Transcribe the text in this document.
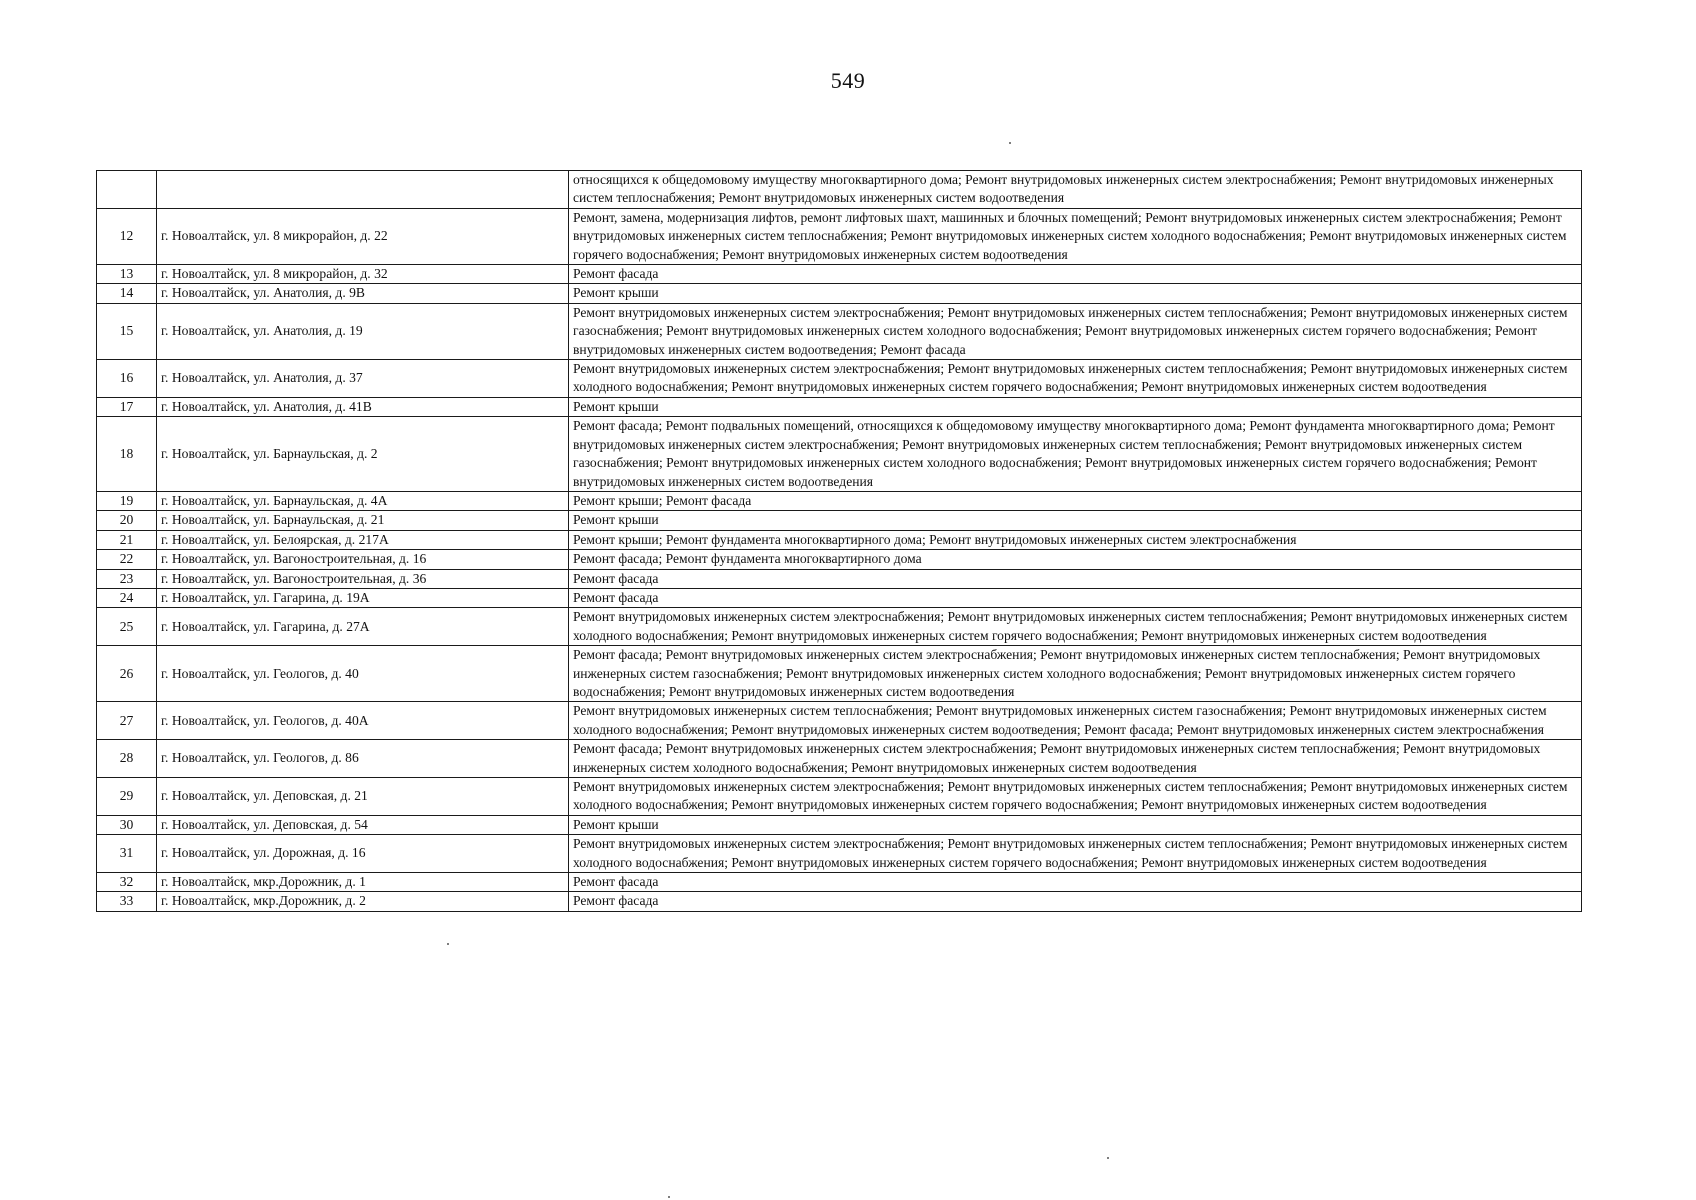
549
		относящихся к общедомовому имуществу многоквартирного дома; Ремонт внутридомовых инженерных систем электроснабжения; Ремонт внутридомовых инженерных систем теплоснабжения; Ремонт внутридомовых инженерных систем водоотведения
12	г. Новоалтайск, ул. 8 микрорайон, д. 22	Ремонт, замена, модернизация лифтов, ремонт лифтовых шахт, машинных и блочных помещений; Ремонт внутридомовых инженерных систем электроснабжения; Ремонт внутридомовых инженерных систем теплоснабжения; Ремонт внутридомовых инженерных систем холодного водоснабжения; Ремонт внутридомовых инженерных систем горячего водоснабжения; Ремонт внутридомовых инженерных систем водоотведения
13	г. Новоалтайск, ул. 8 микрорайон, д. 32	Ремонт фасада
14	г. Новоалтайск, ул. Анатолия, д. 9В	Ремонт крыши
15	г. Новоалтайск, ул. Анатолия, д. 19	Ремонт внутридомовых инженерных систем электроснабжения; Ремонт внутридомовых инженерных систем теплоснабжения; Ремонт внутридомовых инженерных систем газоснабжения; Ремонт внутридомовых инженерных систем холодного водоснабжения; Ремонт внутридомовых инженерных систем горячего водоснабжения; Ремонт внутридомовых инженерных систем водоотведения; Ремонт фасада
16	г. Новоалтайск, ул. Анатолия, д. 37	Ремонт внутридомовых инженерных систем электроснабжения; Ремонт внутридомовых инженерных систем теплоснабжения; Ремонт внутридомовых инженерных систем холодного водоснабжения; Ремонт внутридомовых инженерных систем горячего водоснабжения; Ремонт внутридомовых инженерных систем водоотведения
17	г. Новоалтайск, ул. Анатолия, д. 41В	Ремонт крыши
18	г. Новоалтайск, ул. Барнаульская, д. 2	Ремонт фасада; Ремонт подвальных помещений, относящихся к общедомовому имуществу многоквартирного дома; Ремонт фундамента многоквартирного дома; Ремонт внутридомовых инженерных систем электроснабжения; Ремонт внутридомовых инженерных систем теплоснабжения; Ремонт внутридомовых инженерных систем газоснабжения; Ремонт внутридомовых инженерных систем холодного водоснабжения; Ремонт внутридомовых инженерных систем горячего водоснабжения; Ремонт внутридомовых инженерных систем водоотведения
19	г. Новоалтайск, ул. Барнаульская, д. 4А	Ремонт крыши; Ремонт фасада
20	г. Новоалтайск, ул. Барнаульская, д. 21	Ремонт крыши
21	г. Новоалтайск, ул. Белоярская, д. 217А	Ремонт крыши; Ремонт фундамента многоквартирного дома; Ремонт внутридомовых инженерных систем электроснабжения
22	г. Новоалтайск, ул. Вагоностроительная, д. 16	Ремонт фасада; Ремонт фундамента многоквартирного дома
23	г. Новоалтайск, ул. Вагоностроительная, д. 36	Ремонт фасада
24	г. Новоалтайск, ул. Гагарина, д. 19А	Ремонт фасада
25	г. Новоалтайск, ул. Гагарина, д. 27А	Ремонт внутридомовых инженерных систем электроснабжения; Ремонт внутридомовых инженерных систем теплоснабжения; Ремонт внутридомовых инженерных систем холодного водоснабжения; Ремонт внутридомовых инженерных систем горячего водоснабжения; Ремонт внутридомовых инженерных систем водоотведения
26	г. Новоалтайск, ул. Геологов, д. 40	Ремонт фасада; Ремонт внутридомовых инженерных систем электроснабжения; Ремонт внутридомовых инженерных систем теплоснабжения; Ремонт внутридомовых инженерных систем газоснабжения; Ремонт внутридомовых инженерных систем холодного водоснабжения; Ремонт внутридомовых инженерных систем горячего водоснабжения; Ремонт внутридомовых инженерных систем водоотведения
27	г. Новоалтайск, ул. Геологов, д. 40А	Ремонт внутридомовых инженерных систем теплоснабжения; Ремонт внутридомовых инженерных систем газоснабжения; Ремонт внутридомовых инженерных систем холодного водоснабжения; Ремонт внутридомовых инженерных систем водоотведения; Ремонт фасада; Ремонт внутридомовых инженерных систем электроснабжения
28	г. Новоалтайск, ул. Геологов, д. 86	Ремонт фасада; Ремонт внутридомовых инженерных систем электроснабжения; Ремонт внутридомовых инженерных систем теплоснабжения; Ремонт внутридомовых инженерных систем холодного водоснабжения; Ремонт внутридомовых инженерных систем водоотведения
29	г. Новоалтайск, ул. Деповская, д. 21	Ремонт внутридомовых инженерных систем электроснабжения; Ремонт внутридомовых инженерных систем теплоснабжения; Ремонт внутридомовых инженерных систем холодного водоснабжения; Ремонт внутридомовых инженерных систем горячего водоснабжения; Ремонт внутридомовых инженерных систем водоотведения
30	г. Новоалтайск, ул. Деповская, д. 54	Ремонт крыши
31	г. Новоалтайск, ул. Дорожная, д. 16	Ремонт внутридомовых инженерных систем электроснабжения; Ремонт внутридомовых инженерных систем теплоснабжения; Ремонт внутридомовых инженерных систем холодного водоснабжения; Ремонт внутридомовых инженерных систем горячего водоснабжения; Ремонт внутридомовых инженерных систем водоотведения
32	г. Новоалтайск, мкр.Дорожник, д. 1	Ремонт фасада
33	г. Новоалтайск, мкр.Дорожник, д. 2	Ремонт фасада
